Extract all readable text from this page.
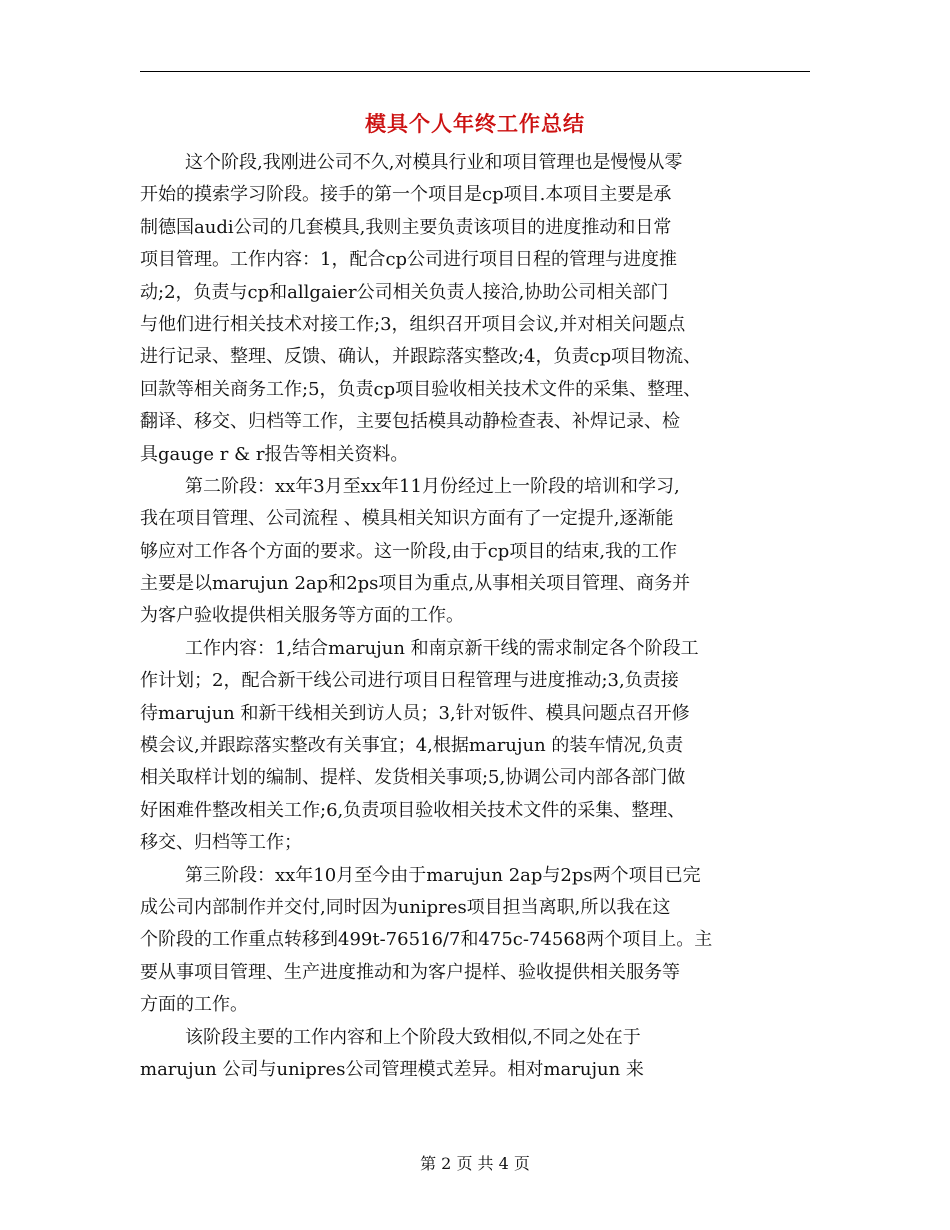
模具个人年终工作总结
这个阶段,我刚进公司不久,对模具行业和项目管理也是慢慢从零
开始的摸索学习阶段。接手的第一个项目是cp项目.本项目主要是承
制德国audi公司的几套模具,我则主要负责该项目的进度推动和日常
项目管理。工作内容：1，配合cp公司进行项目日程的管理与进度推
动;2，负责与cp和allgaier公司相关负责人接洽,协助公司相关部门
与他们进行相关技术对接工作;3，组织召开项目会议,并对相关问题点
进行记录、整理、反馈、确认，并跟踪落实整改;4，负责cp项目物流、
回款等相关商务工作;5，负责cp项目验收相关技术文件的采集、整理、
翻译、移交、归档等工作，主要包括模具动静检查表、补焊记录、检
具gauge r & r报告等相关资料。
第二阶段：xx年3月至xx年11月份经过上一阶段的培训和学习,
我在项目管理、公司流程 、模具相关知识方面有了一定提升,逐渐能
够应对工作各个方面的要求。这一阶段,由于cp项目的结束,我的工作
主要是以marujun 2ap和2ps项目为重点,从事相关项目管理、商务并
为客户验收提供相关服务等方面的工作。
工作内容：1,结合marujun 和南京新干线的需求制定各个阶段工
作计划；2，配合新干线公司进行项目日程管理与进度推动;3,负责接
待marujun 和新干线相关到访人员；3,针对钣件、模具问题点召开修
模会议,并跟踪落实整改有关事宜；4,根据marujun 的装车情况,负责
相关取样计划的编制、提样、发货相关事项;5,协调公司内部各部门做
好困难件整改相关工作;6,负责项目验收相关技术文件的采集、整理、
移交、归档等工作；
第三阶段：xx年10月至今由于marujun 2ap与2ps两个项目已完
成公司内部制作并交付,同时因为unipres项目担当离职,所以我在这
个阶段的工作重点转移到499t-76516/7和475c-74568两个项目上。主
要从事项目管理、生产进度推动和为客户提样、验收提供相关服务等
方面的工作。
该阶段主要的工作内容和上个阶段大致相似,不同之处在于
marujun 公司与unipres公司管理模式差异。相对marujun 来
第 2 页 共 4 页
